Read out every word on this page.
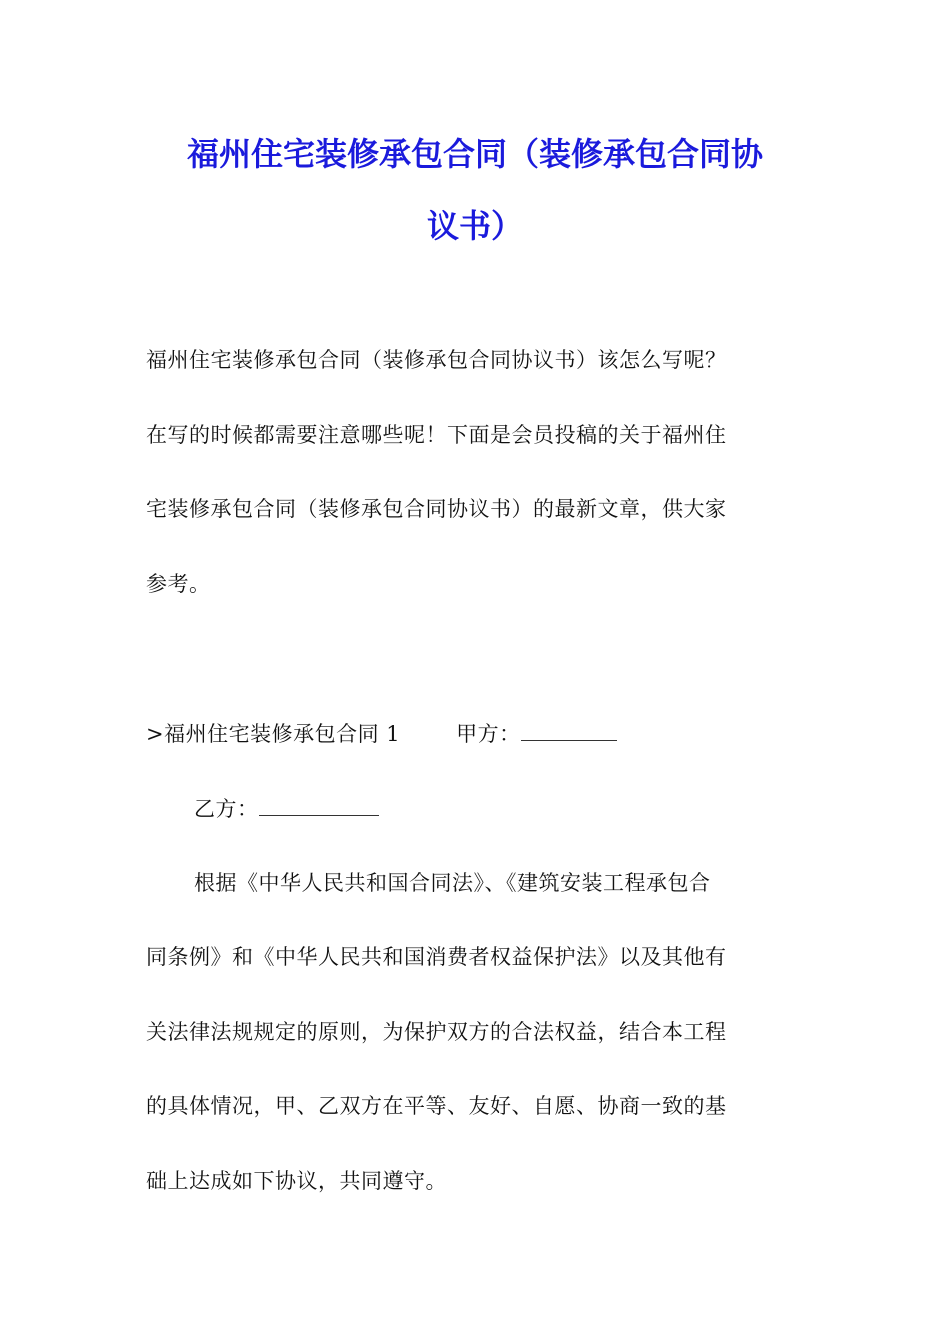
福州住宅装修承包合同（装修承包合同协
议书）
福州住宅装修承包合同（装修承包合同协议书）该怎么写呢？
在写的时候都需要注意哪些呢！下面是会员投稿的关于福州住
宅装修承包合同（装修承包合同协议书）的最新文章，供大家
参考。
>福州住宅装修承包合同 1	甲方：
乙方：
根据《中华人民共和国合同法》、《建筑安装工程承包合
同条例》和《中华人民共和国消费者权益保护法》以及其他有
关法律法规规定的原则，为保护双方的合法权益，结合本工程
的具体情况，甲、乙双方在平等、友好、自愿、协商一致的基
础上达成如下协议，共同遵守。
